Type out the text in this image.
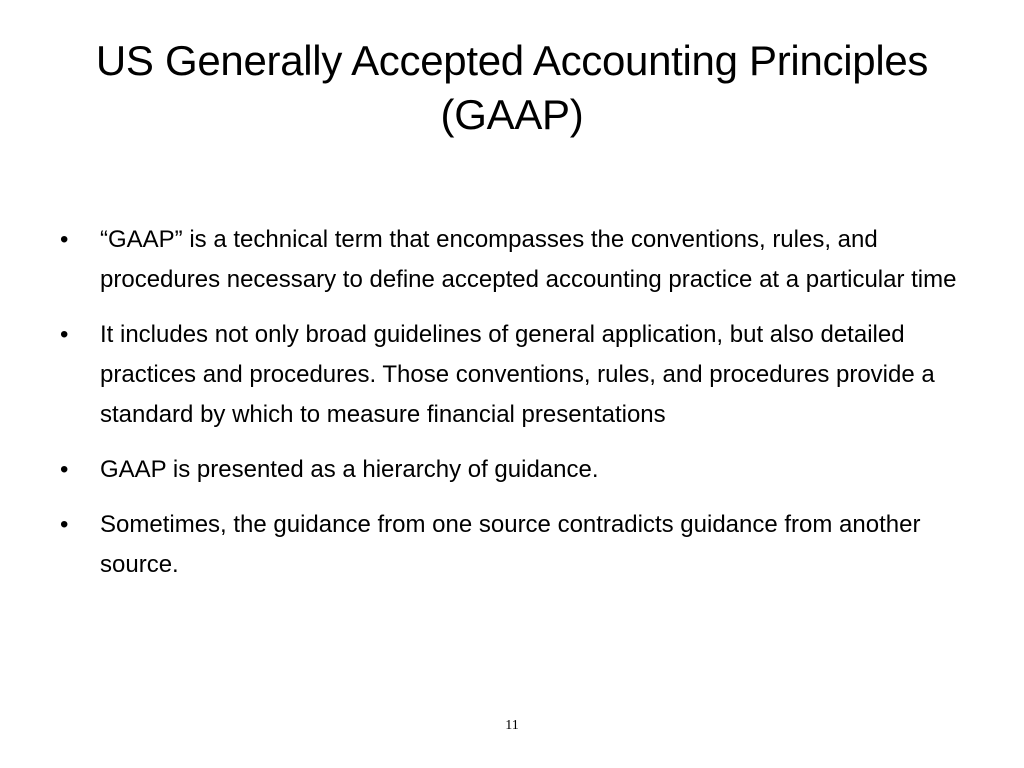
US Generally Accepted Accounting Principles (GAAP)
• “GAAP” is a technical term that encompasses the conventions, rules, and procedures necessary to define accepted accounting practice at a particular time
• It includes not only broad guidelines of general application, but also detailed practices and procedures. Those conventions, rules, and procedures provide a standard by which to measure financial presentations
• GAAP is presented as a hierarchy of guidance.
• Sometimes, the guidance from one source contradicts guidance from another source.
11
